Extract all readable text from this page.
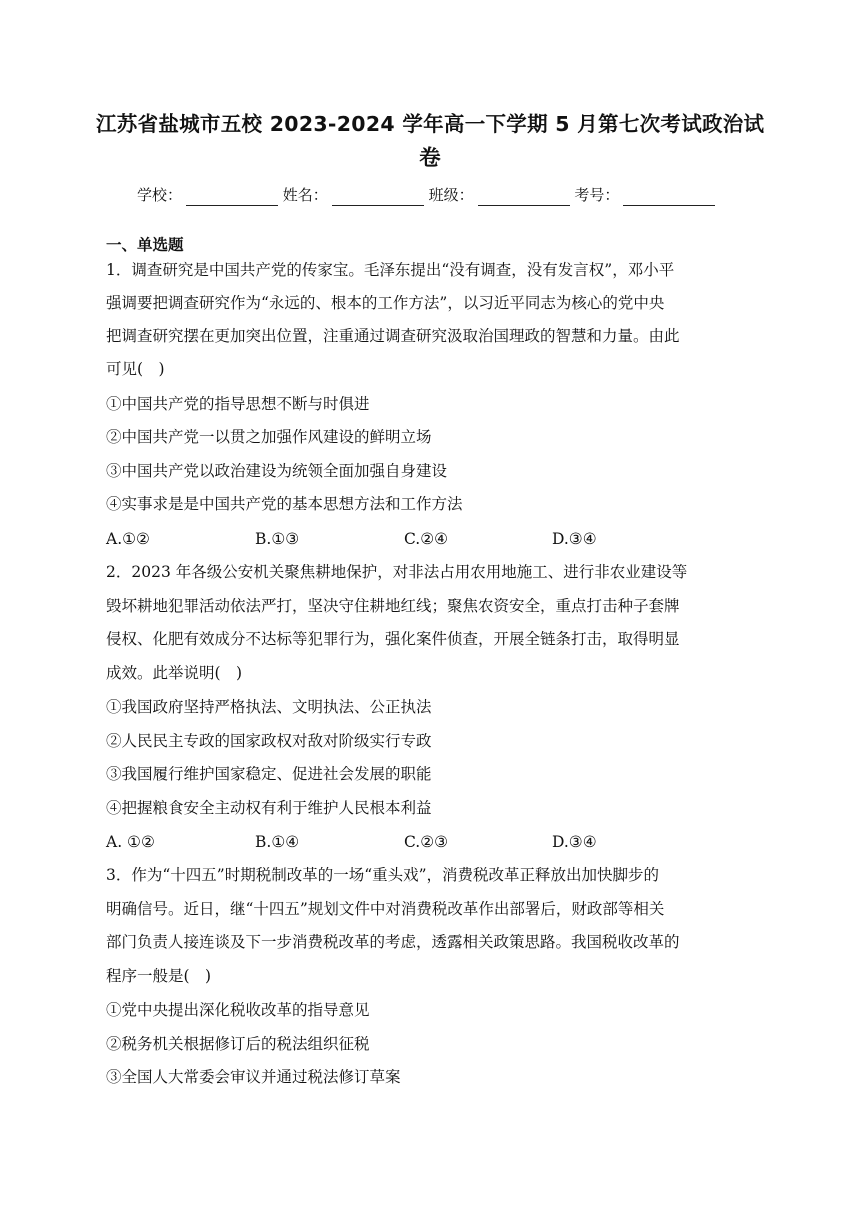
江苏省盐城市五校 2023-2024 学年高一下学期 5 月第七次考试政治试
卷
学校：	姓名：	班级：	考号：
一、单选题
1．调查研究是中国共产党的传家宝。毛泽东提出“没有调查，没有发言权”，邓小平
强调要把调查研究作为“永远的、根本的工作方法”，以习近平同志为核心的党中央
把调查研究摆在更加突出位置，注重通过调查研究汲取治国理政的智慧和力量。由此
可见(　)
①中国共产党的指导思想不断与时俱进
②中国共产党一以贯之加强作风建设的鲜明立场
③中国共产党以政治建设为统领全面加强自身建设
④实事求是是中国共产党的基本思想方法和工作方法
A.①②	B.①③	C.②④	D.③④
2．2023 年各级公安机关聚焦耕地保护，对非法占用农用地施工、进行非农业建设等
毁坏耕地犯罪活动依法严打，坚决守住耕地红线；聚焦农资安全，重点打击种子套牌
侵权、化肥有效成分不达标等犯罪行为，强化案件侦查，开展全链条打击，取得明显
成效。此举说明(　)
①我国政府坚持严格执法、文明执法、公正执法
②人民民主专政的国家政权对敌对阶级实行专政
③我国履行维护国家稳定、促进社会发展的职能
④把握粮食安全主动权有利于维护人民根本利益
A. ①②	B.①④	C.②③	D.③④
3．作为“十四五”时期税制改革的一场“重头戏”，消费税改革正释放出加快脚步的
明确信号。近日，继“十四五”规划文件中对消费税改革作出部署后，财政部等相关
部门负责人接连谈及下一步消费税改革的考虑，透露相关政策思路。我国税收改革的
程序一般是(　)
①党中央提出深化税收改革的指导意见
②税务机关根据修订后的税法组织征税
③全国人大常委会审议并通过税法修订草案
